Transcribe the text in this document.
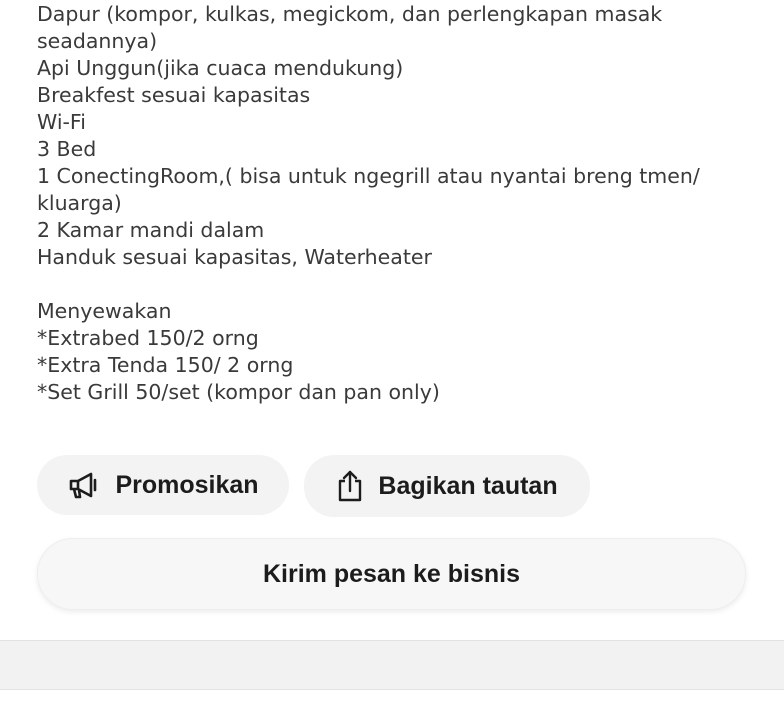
Dapur (kompor, kulkas, megickom, dan perlengkapan masak seadannya)
Api Unggun(jika cuaca mendukung)
Breakfest sesuai kapasitas
Wi-Fi
3 Bed
1 ConectingRoom,( bisa untuk ngegrill atau nyantai breng tmen/ kluarga)
2 Kamar mandi dalam
Handuk sesuai kapasitas, Waterheater
Menyewakan
*Extrabed 150/2 orng
*Extra Tenda 150/ 2 orng
*Set Grill 50/set (kompor dan pan only)
Promosikan	Bagikan tautan
Kirim pesan ke bisnis
